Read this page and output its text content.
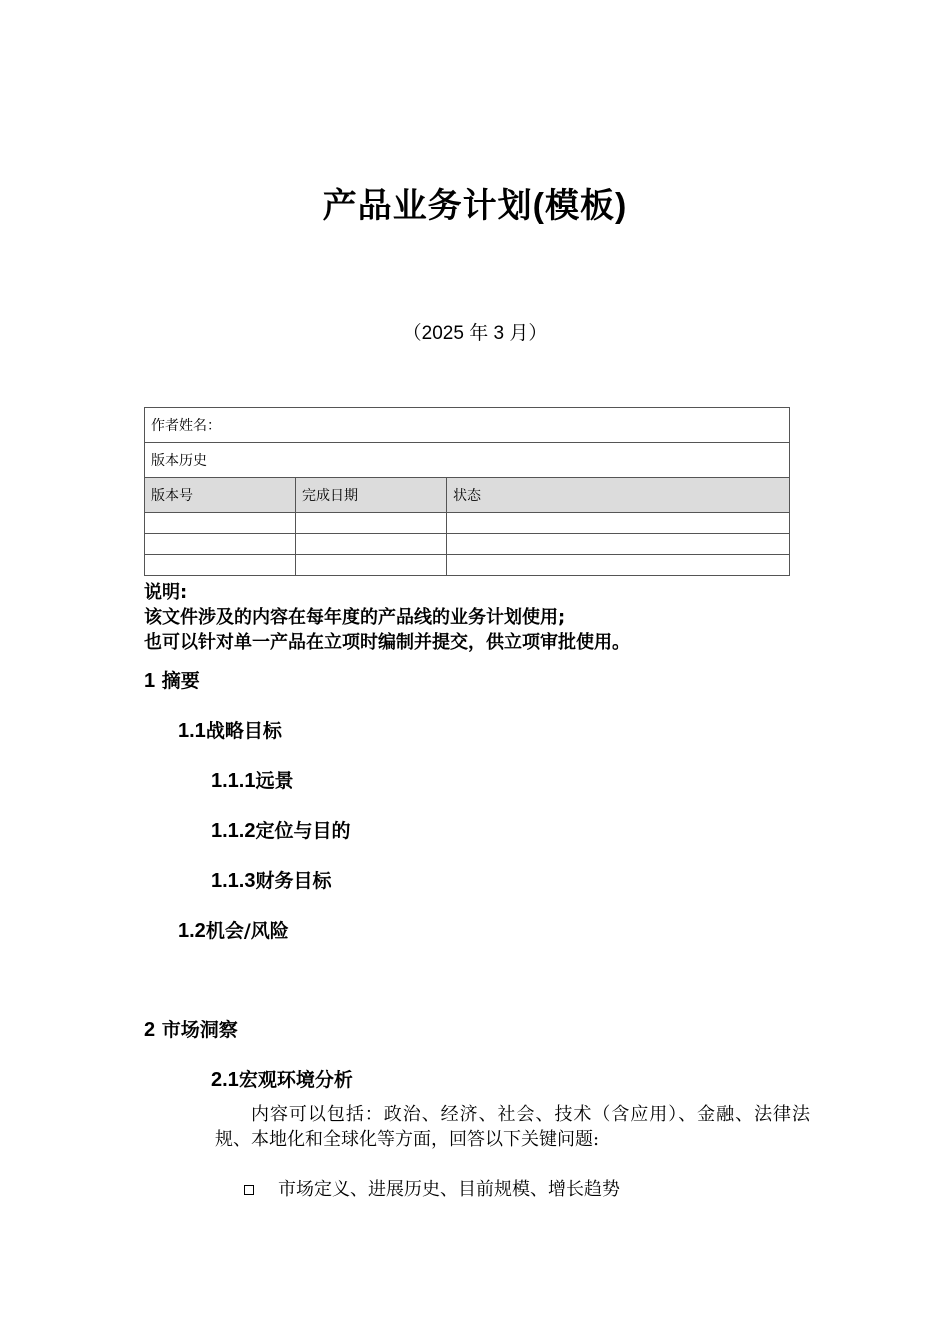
产品业务计划(模板)
（2025 年 3 月）
作者姓名：		
版本历史		
版本号	完成日期	状态

说明:
该文件涉及的内容在每年度的产品线的业务计划使用;
也可以针对单一产品在立项时编制并提交，供立项审批使用。
1 摘要
1.1战略目标
1.1.1远景
1.1.2定位与目的
1.1.3财务目标
1.2机会/风险
2 市场洞察
2.1宏观环境分析
内容可以包括：政治、经济、社会、技术（含应用）、金融、法律法规、本地化和全球化等方面，回答以下关键问题:
市场定义、进展历史、目前规模、增长趋势
